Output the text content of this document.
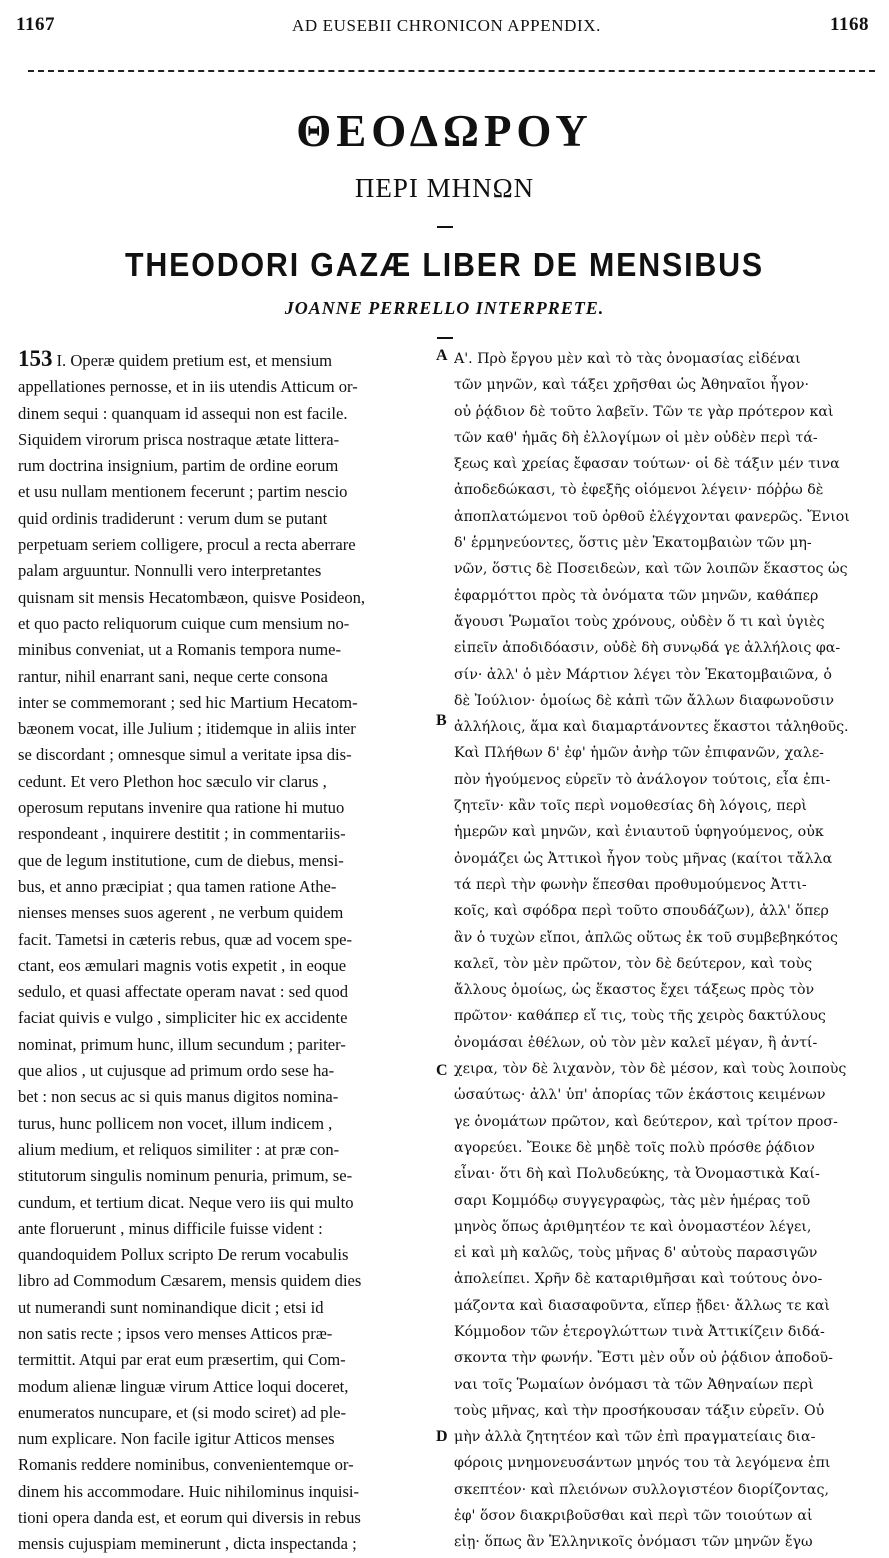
1167	AD EUSEBII CHRONICON APPENDIX.	1168
ΘΕΟΔΩΡΟΥ
ΠΕΡΙ ΜΗΝΩΝ
THEODORI GAZÆ LIBER DE MENSIBUS
JOANNE PERRELLO INTERPRETE.
153 I. Operæ quidem pretium est, et mensium
appellationes pernosse, et in iis utendis Atticum or-
dinem sequi : quanquam id assequi non est facile.
Siquidem virorum prisca nostraque ætate littera-
rum doctrina insignium, partim de ordine eorum
et usu nullam mentionem fecerunt ; partim nescio
quid ordinis tradiderunt : verum dum se putant
perpetuam seriem colligere, procul a recta aberrare
palam arguuntur. Nonnulli vero interpretantes
quisnam sit mensis Hecatombæon, quisve Posideon,
et quo pacto reliquorum cuique cum mensium no-
minibus conveniat, ut a Romanis tempora nume-
rantur, nihil enarrant sani, neque certe consona
inter se commemorant ; sed hic Martium Hecatom-
bæonem vocat, ille Julium ; itidemque in aliis inter
se discordant ; omnesque simul a veritate ipsa dis-
cedunt. Et vero Plethon hoc sæculo vir clarus ,
operosum reputans invenire qua ratione hi mutuo
respondeant , inquirere destitit ; in commentariis-
que de legum institutione, cum de diebus, mensi-
bus, et anno præcipiat ; qua tamen ratione Athe-
nienses menses suos agerent , ne verbum quidem
facit. Tametsi in cæteris rebus, quæ ad vocem spe-
ctant, eos æmulari magnis votis expetit , in eoque
sedulo, et quasi affectate operam navat : sed quod
faciat quivis e vulgo , simpliciter hic ex accidente
nominat, primum hunc, illum secundum ; pariter-
que alios , ut cujusque ad primum ordo sese ha-
bet : non secus ac si quis manus digitos nomina-
turus, hunc pollicem non vocet, illum indicem ,
alium medium, et reliquos similiter : at præ con-
stitutorum singulis nominum penuria, primum, se-
cundum, et tertium dicat. Neque vero iis qui multo
ante floruerunt , minus difficile fuisse vident :
quandoquidem Pollux scripto De rerum vocabulis
libro ad Commodum Cæsarem, mensis quidem dies
ut numerandi sunt nominandique dicit ; etsi id
non satis recte ; ipsos vero menses Atticos præ-
termittit. Atqui par erat eum præsertim, qui Com-
modum alienæ linguæ virum Attice loqui doceret,
enumeratos nuncupare, et (si modo sciret) ad ple-
num explicare. Non facile igitur Atticos menses
Romanis reddere nominibus, convenientemque or-
dinem his accommodare. Huic nihilominus inquisi-
tioni opera danda est, et eorum qui diversis in rebus
mensis cujuspiam meminerunt , dicta inspectanda ;
A
B
C
D
Α'. Πρὸ ἔργου μὲν καὶ τὸ τὰς ὀνομασίας εἰδέναι
τῶν μηνῶν, καὶ τάξει χρῆσθαι ὡς Ἀθηναῖοι ἦγον·
οὐ ῥᾴδιον δὲ τοῦτο λαβεῖν. Τῶν τε γὰρ πρότερον καὶ
τῶν καθ' ἡμᾶς δὴ ἐλλογίμων οἱ μὲν οὐδὲν περὶ τά-
ξεως καὶ χρείας ἔφασαν τούτων· οἱ δὲ τάξιν μέν τινα
ἀποδεδώκασι, τὸ ἐφεξῆς οἰόμενοι λέγειν· πόῤῥω δὲ
ἀποπλατώμενοι τοῦ ὀρθοῦ ἐλέγχονται φανερῶς. Ἔνιοι
δ' ἑρμηνεύοντες, ὅστις μὲν Ἑκατομβαιὼν τῶν μη-
νῶν, ὅστις δὲ Ποσειδεὼν, καὶ τῶν λοιπῶν ἕκαστος ὡς
ἐφαρμόττοι πρὸς τὰ ὀνόματα τῶν μηνῶν, καθάπερ
ἄγουσι Ῥωμαῖοι τοὺς χρόνους, οὐδὲν ὅ τι καὶ ὑγιὲς
εἰπεῖν ἀποδιδόασιν, οὐδὲ δὴ συνῳδά γε ἀλλήλοις φα-
σίν· ἀλλ' ὁ μὲν Μάρτιον λέγει τὸν Ἑκατομβαιῶνα, ὁ
δὲ Ἰούλιον· ὁμοίως δὲ κἀπὶ τῶν ἄλλων διαφωνοῦσιν
ἀλλήλοις, ἅμα καὶ διαμαρτάνοντες ἕκαστοι τἀληθοῦς.
Καὶ Πλήθων δ' ἐφ' ἡμῶν ἀνὴρ τῶν ἐπιφανῶν, χαλε-
πὸν ἡγούμενος εὑρεῖν τὸ ἀνάλογον τούτοις, εἶα ἐπι-
ζητεῖν· κἂν τοῖς περὶ νομοθεσίας δὴ λόγοις, περὶ
ἡμερῶν καὶ μηνῶν, καὶ ἐνιαυτοῦ ὑφηγούμενος, οὐκ
ὀνομάζει ὡς Ἀττικοὶ ἦγον τοὺς μῆνας (καίτοι τἄλλα
τά περὶ τὴν φωνὴν ἕπεσθαι προθυμούμενος Ἀττι-
κοῖς, καὶ σφόδρα περὶ τοῦτο σπουδάζων), ἀλλ' ὅπερ
ἂν ὁ τυχὼν εἴποι, ἁπλῶς οὕτως ἐκ τοῦ συμβεβηκότος
καλεῖ, τὸν μὲν πρῶτον, τὸν δὲ δεύτερον, καὶ τοὺς
ἄλλους ὁμοίως, ὡς ἕκαστος ἔχει τάξεως πρὸς τὸν
πρῶτον· καθάπερ εἴ τις, τοὺς τῆς χειρὸς δακτύλους
ὀνομάσαι ἐθέλων, οὐ τὸν μὲν καλεῖ μέγαν, ἢ ἀντί-
χειρα, τὸν δὲ λιχανὸν, τὸν δὲ μέσον, καὶ τοὺς λοιποὺς
ὡσαύτως· ἀλλ' ὑπ' ἀπορίας τῶν ἑκάστοις κειμένων
γε ὀνομάτων πρῶτον, καὶ δεύτερον, καὶ τρίτον προσ-
αγορεύει. Ἔοικε δὲ μηδὲ τοῖς πολὺ πρόσθε ῥᾴδιον
εἶναι· ὅτι δὴ καὶ Πολυδεύκης, τὰ Ὀνομαστικὰ Καί-
σαρι Κομμόδῳ συγγεγραφὼς, τὰς μὲν ἡμέρας τοῦ
μηνὸς ὅπως ἀριθμητέον τε καὶ ὀνομαστέον λέγει,
εἰ καὶ μὴ καλῶς, τοὺς μῆνας δ' αὐτοὺς παρασιγῶν
ἀπολείπει. Χρῆν δὲ καταριθμῆσαι καὶ τούτους ὀνο-
μάζοντα καὶ διασαφοῦντα, εἴπερ ᾔδει· ἄλλως τε καὶ
Κόμμοδον τῶν ἑτερογλώττων τινὰ Ἀττικίζειν διδά-
σκοντα τὴν φωνήν. Ἔστι μὲν οὖν οὐ ῥᾴδιον ἀποδοῦ-
ναι τοῖς Ῥωμαίων ὀνόμασι τὰ τῶν Ἀθηναίων περὶ
τοὺς μῆνας, καὶ τὴν προσήκουσαν τάξιν εὑρεῖν. Οὐ
μὴν ἀλλὰ ζητητέον καὶ τῶν ἐπὶ πραγματείαις δια-
φόροις μνημονευσάντων μηνός του τὰ λεγόμενα ἐπι
σκεπτέον· καὶ πλειόνων συλλογιστέον διορίζοντας,
ἐφ' ὅσον διακριβοῦσθαι καὶ περὶ τῶν τοιούτων αἰ
εἰῃ· ὅπως ἂν Ἑλληνικοῖς ὀνόμασι τῶν μηνῶν ἔγω
